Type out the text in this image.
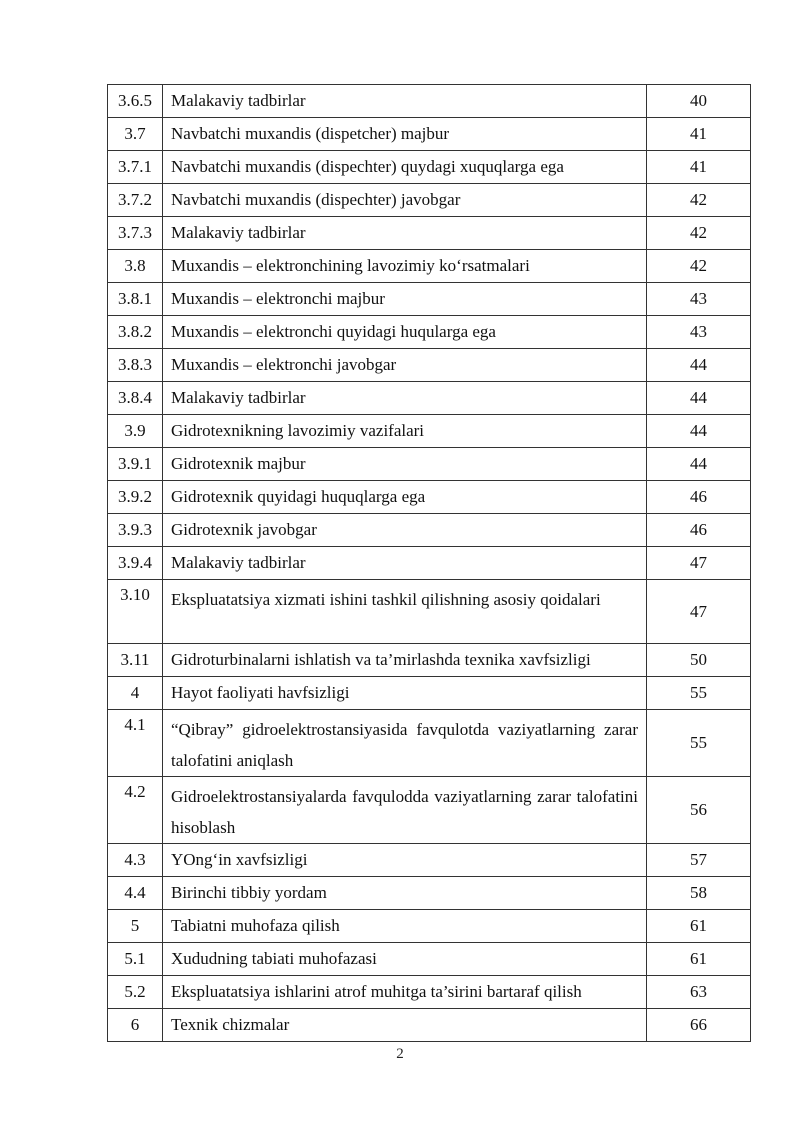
3.6.5	Malakaviy tadbirlar	40
3.7	Navbatchi muxandis (dispetcher) majbur	41
3.7.1	Navbatchi muxandis (dispechter) quydagi xuquqlarga ega	41
3.7.2	Navbatchi muxandis (dispechter) javobgar	42
3.7.3	Malakaviy tadbirlar	42
3.8	Muxandis – elektronchining lavozimiy koʻrsatmalari	42
3.8.1	Muxandis – elektronchi majbur	43
3.8.2	Muxandis – elektronchi quyidagi huqularga ega	43
3.8.3	Muxandis – elektronchi javobgar	44
3.8.4	Malakaviy tadbirlar	44
3.9	Gidrotexnikning lavozimiy vazifalari	44
3.9.1	Gidrotexnik majbur	44
3.9.2	Gidrotexnik quyidagi huquqlarga ega	46
3.9.3	Gidrotexnik javobgar	46
3.9.4	Malakaviy tadbirlar	47
3.10	Ekspluatatsiya xizmati ishini tashkil qilishning asosiy qoidalari	47
3.11	Gidroturbinalarni ishlatish va ta’mirlashda texnika xavfsizligi	50
4	Hayot faoliyati havfsizligi	55
4.1	“Qibray” gidroelektrostansiyasida favqulotda vaziyatlarning zarar talofatini aniqlash	55
4.2	Gidroelektrostansiyalarda favqulodda vaziyatlarning zarar talofatini hisoblash	56
4.3	YOngʻin xavfsizligi	57
4.4	Birinchi tibbiy yordam	58
5	Tabiatni muhofaza qilish	61
5.1	Xududning tabiati muhofazasi	61
5.2	Ekspluatatsiya ishlarini atrof muhitga ta’sirini bartaraf qilish	63
6	Texnik chizmalar	66
2
